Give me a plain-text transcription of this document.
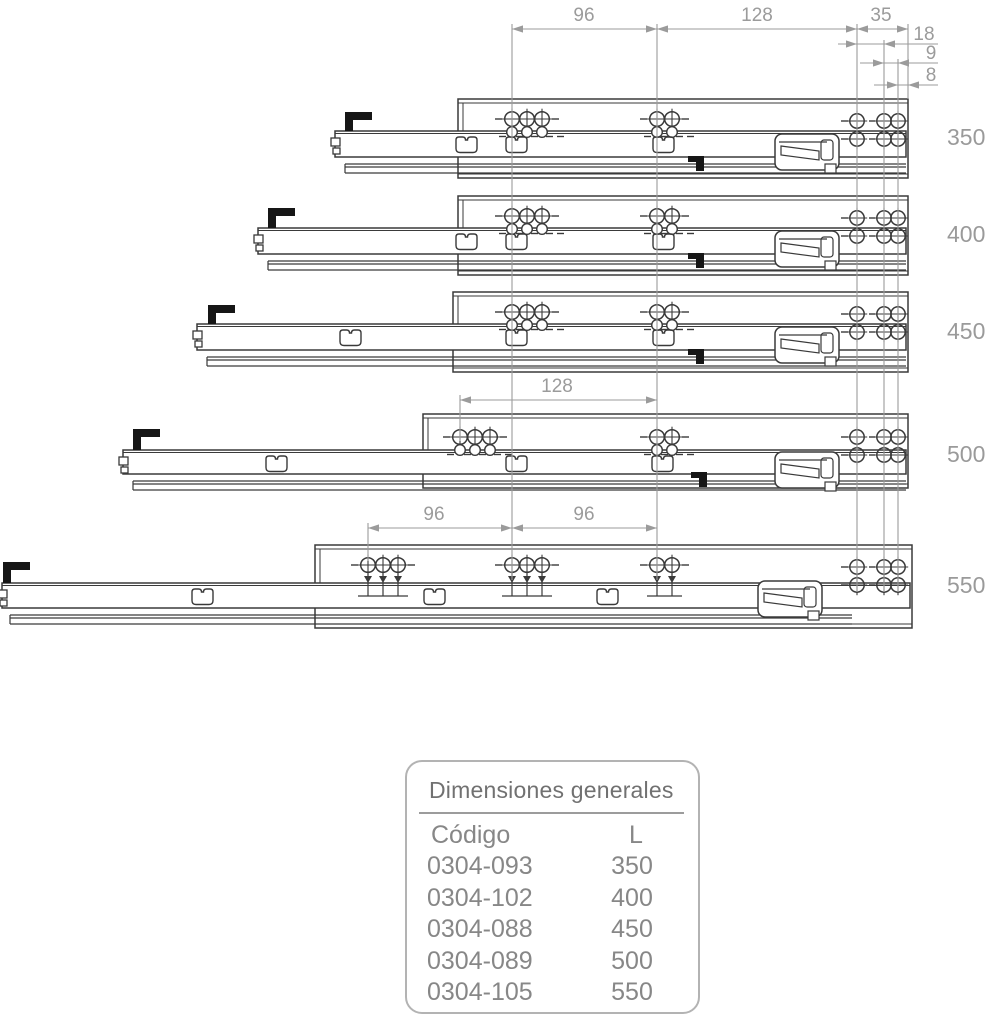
350
400
450
500
550
96	128	35
18
9
8
128
96	96
Dimensiones generales
Código	L
0304-093	350
0304-102	400
0304-088	450
0304-089	500
0304-105	550
